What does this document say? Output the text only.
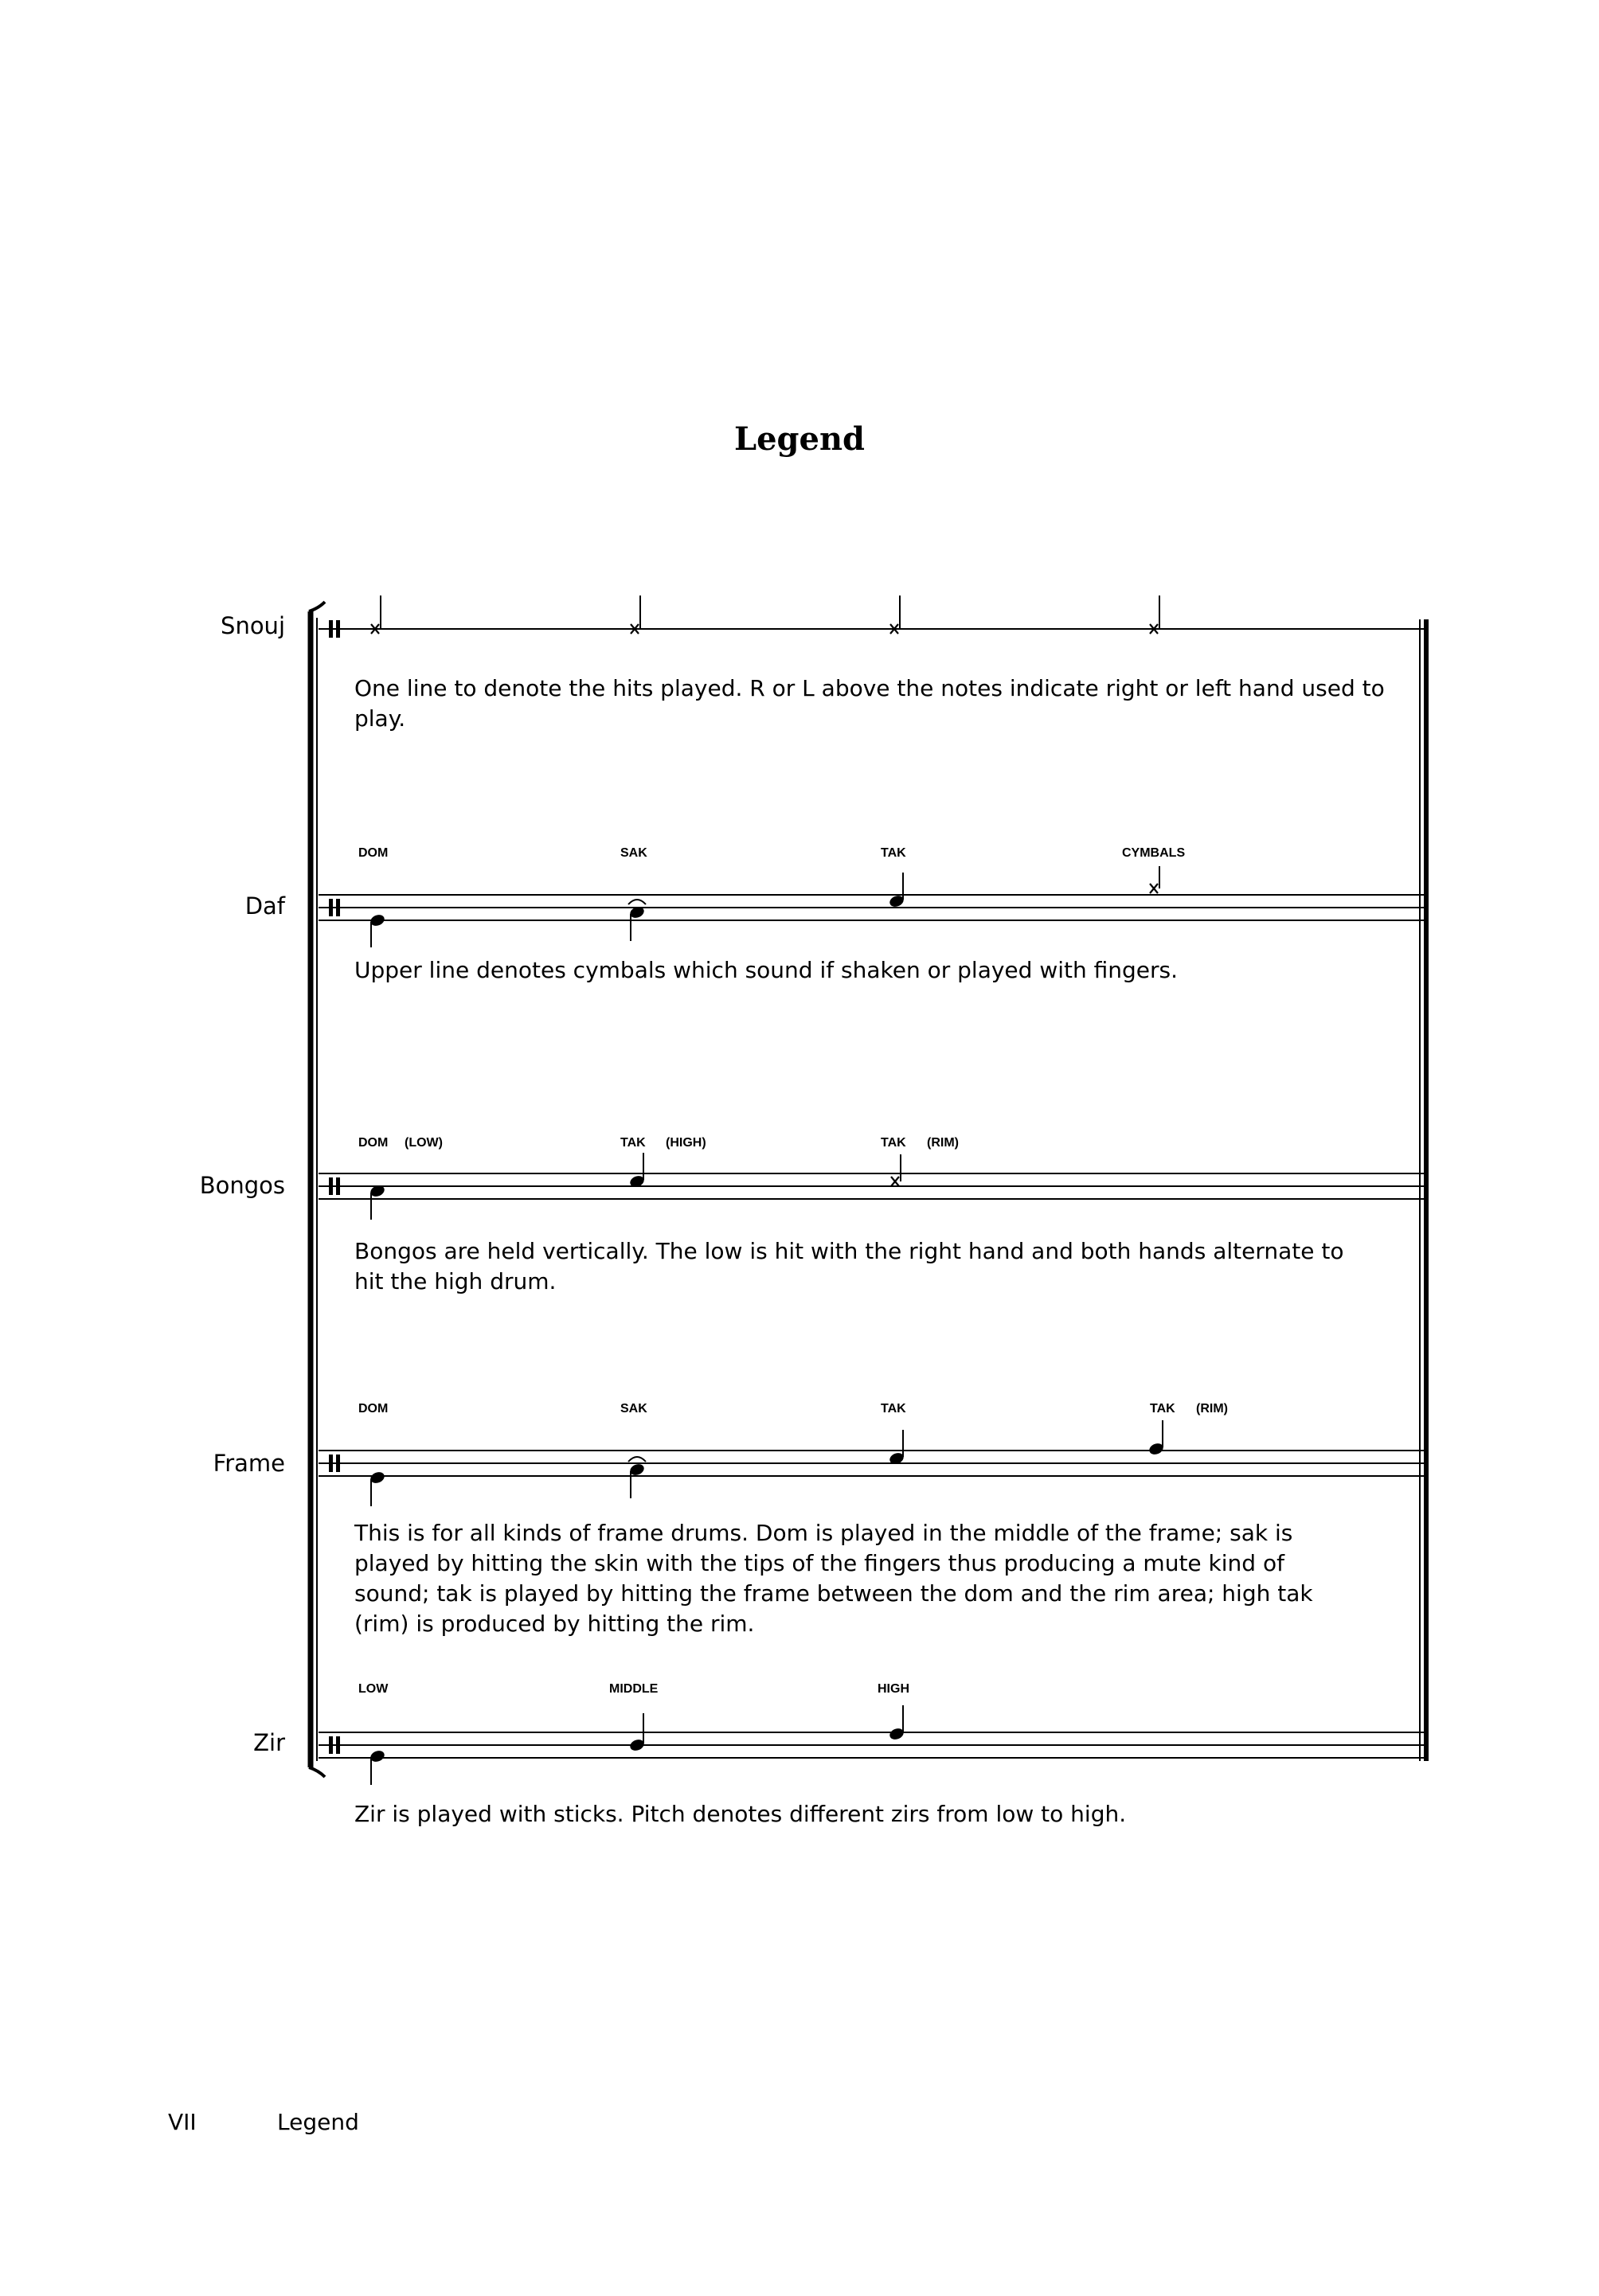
Legend
Snouj
Daf
Bongos
Frame
Zir
DOM	SAK	TAK	CYMBALS
DOM (LOW)	TAK (HIGH)	TAK (RIM)
DOM	SAK	TAK	TAK (RIM)
LOW	MIDDLE	HIGH
One line to denote the hits played. R or L above the notes indicate right or left hand used to play.
Upper line denotes cymbals which sound if shaken or played with fingers.
Bongos are held vertically. The low is hit with the right hand and both hands alternate to hit the high drum.
This is for all kinds of frame drums. Dom is played in the middle of the frame; sak is played by hitting the skin with the tips of the fingers thus producing a mute kind of sound; tak is played by hitting the frame between the dom and the rim area; high tak (rim) is produced by hitting the rim.
Zir is played with sticks. Pitch denotes different zirs from low to high.
VII	Legend
